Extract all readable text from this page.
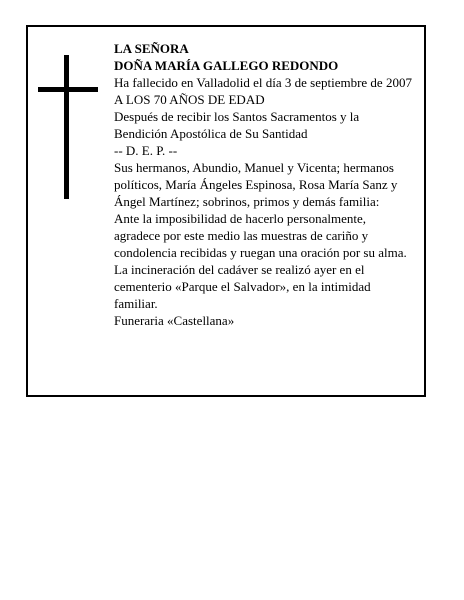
LA SEÑORA

DOÑA MARÍA GALLEGO REDONDO

Ha fallecido en Valladolid el día 3 de septiembre de 2007

A LOS 70 AÑOS DE EDAD

Después de recibir los Santos Sacramentos y la Bendición Apostólica de Su Santidad

-- D. E. P. --

Sus hermanos, Abundio, Manuel y Vicenta; hermanos políticos, María Ángeles Espinosa, Rosa María Sanz y Ángel Martínez; sobrinos, primos y demás familia:

Ante la imposibilidad de hacerlo personalmente, agradece por este medio las muestras de cariño y condolencia recibidas y ruegan una oración por su alma.

La incineración del cadáver se realizó ayer en el cementerio «Parque el Salvador», en la intimidad familiar.

Funeraria «Castellana»
